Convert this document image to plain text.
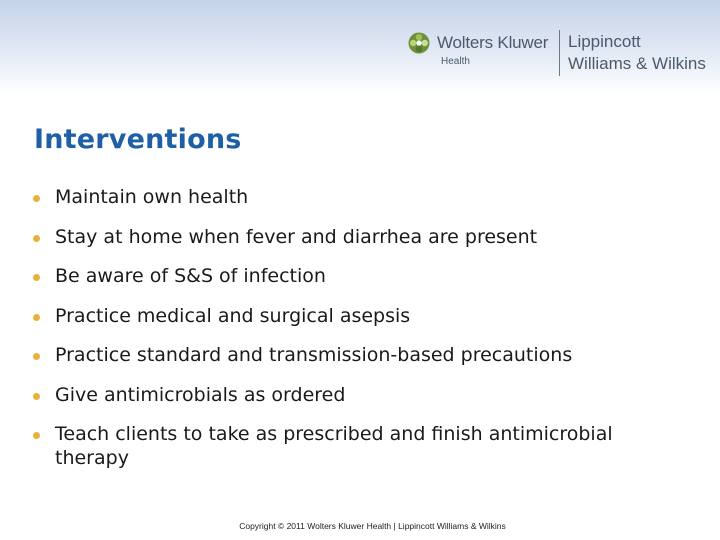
Wolters Kluwer
Health
Lippincott
Williams & Wilkins
Interventions
Maintain own health
Stay at home when fever and diarrhea are present
Be aware of S&S of infection
Practice medical and surgical asepsis
Practice standard and transmission-based precautions
Give antimicrobials as ordered
Teach clients to take as prescribed and finish antimicrobial therapy
Copyright © 2011 Wolters Kluwer Health | Lippincott Williams & Wilkins
